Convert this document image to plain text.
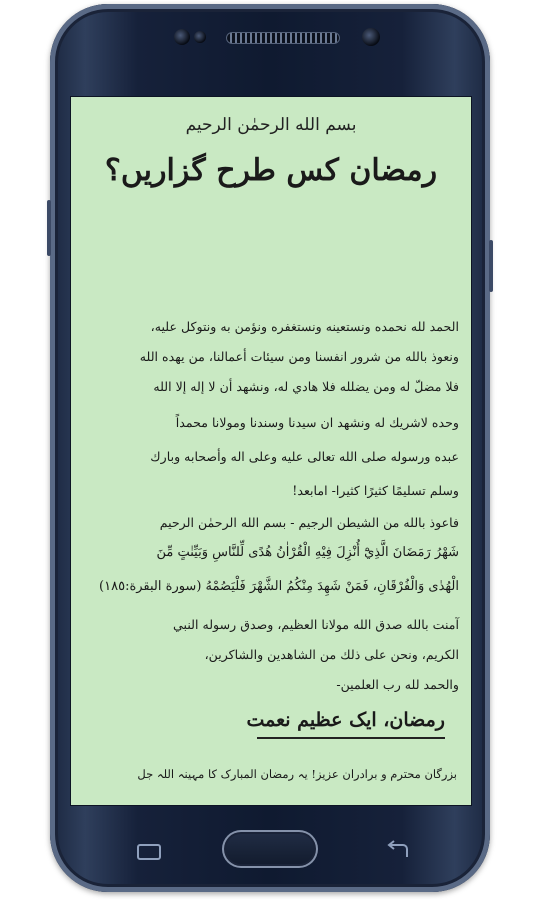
بسم الله الرحمٰن الرحیم
رمضان کس طرح گزاریں؟
الحمد لله نحمده ونستعينه ونستغفره ونؤمن به ونتوكل عليه،
ونعوذ بالله من شرور انفسنا ومن سيئات أعمالنا، من يهده الله
فلا مضلّ له ومن يضلله فلا هادي له، ونشهد أن لا إله إلا الله
وحده لاشريك له ونشهد ان سيدنا وسندنا ومولانا محمداً
عبده ورسوله صلى الله تعالى عليه وعلى اله وأصحابه وبارك
وسلم تسليمًا كثيرًا كثيرا- امابعد!
فاعوذ بالله من الشيطن الرجيم - بسم الله الرحمٰن الرحيم
شَهْرُ رَمَضَانَ الَّذِيْٓ أُنْزِلَ فِيْهِ الْقُرْاٰنُ هُدًى لِّلنَّاسِ وَبَيِّنٰتٍ مِّنَ
الْهُدٰى وَالْفُرْقَانِ، فَمَنْ شَهِدَ مِنْكُمُ الشَّهْرَ فَلْيَصُمْهُ (سورة البقرة:١٨٥)
آمنت بالله صدق الله مولانا العظيم، وصدق رسوله النبي
الكريم، ونحن على ذلك من الشاهدين والشاكرين،
والحمد لله رب العلمين-
رمضان، ایک عظیم نعمت
بزرگان محترم و برادران عزیز! یہ رمضان المبارک کا مہینہ اللہ جل
